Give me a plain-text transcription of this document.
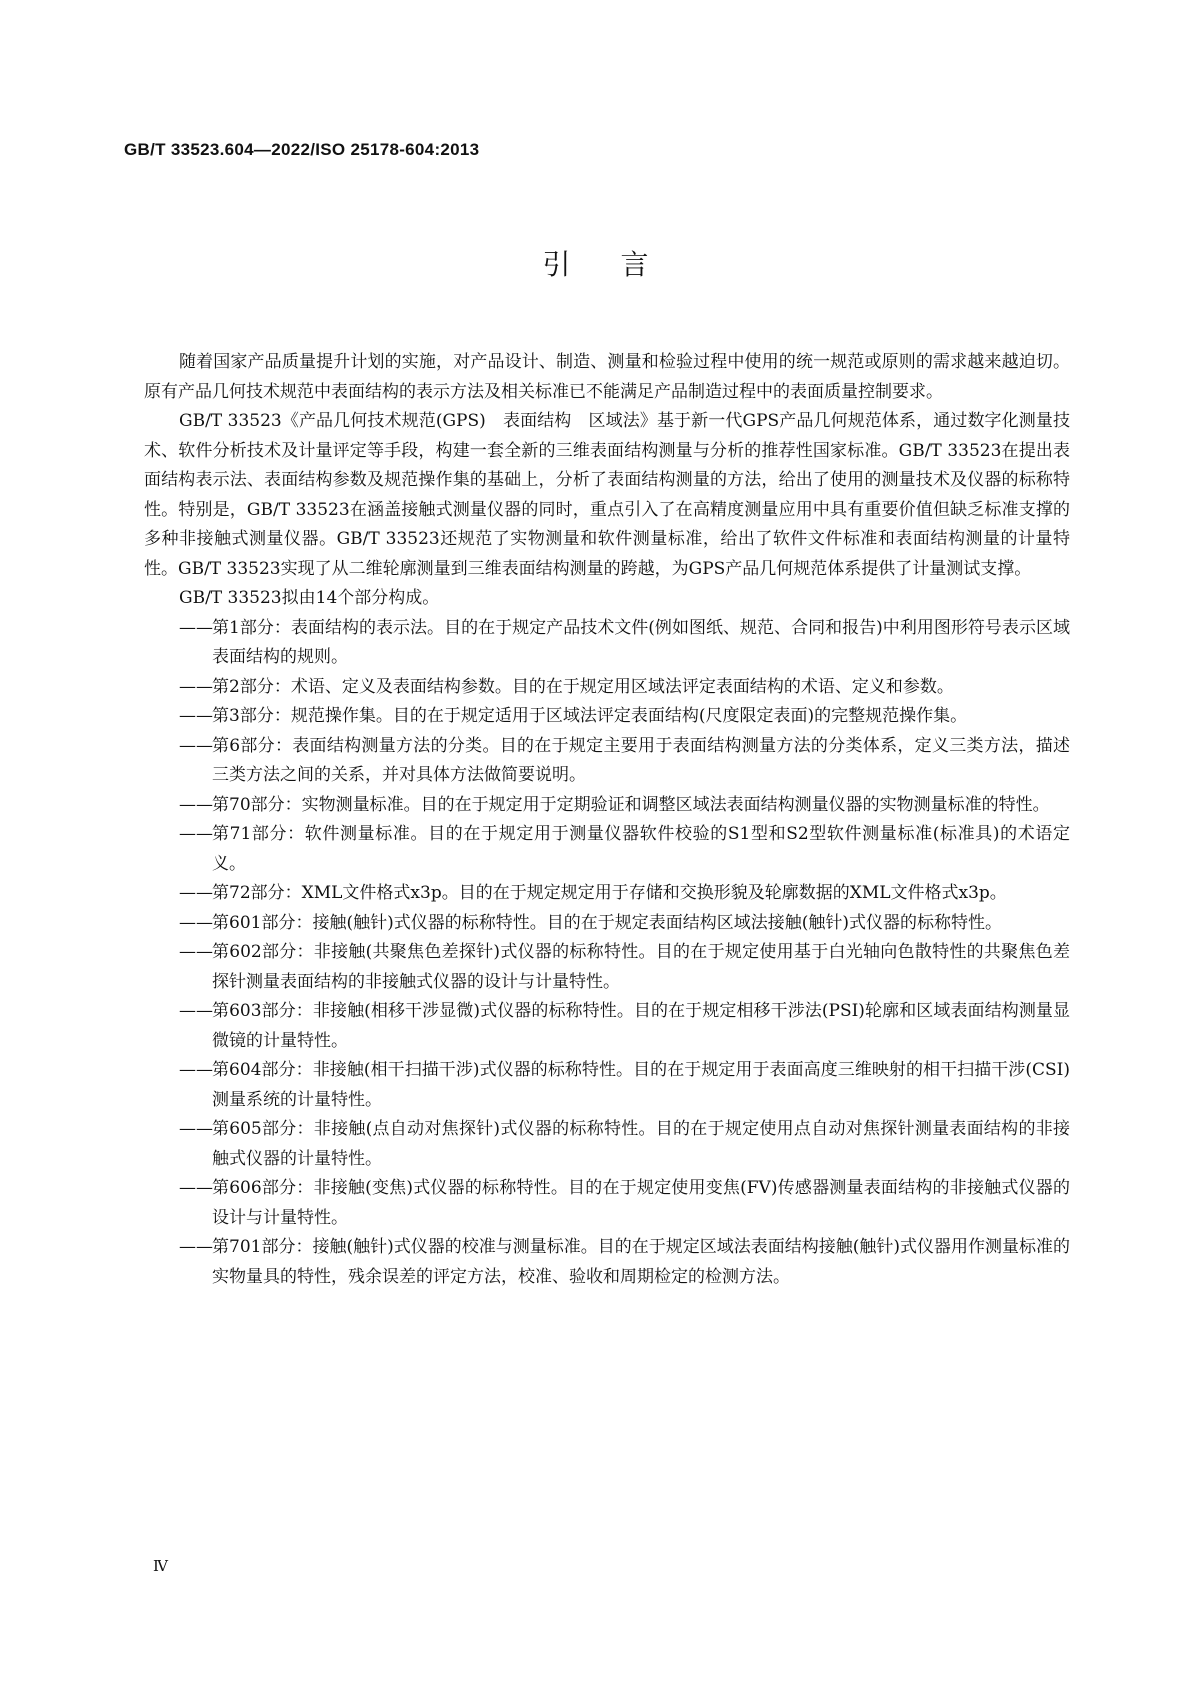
GB/T 33523.604—2022/ISO 25178-604:2013
引言

随着国家产品质量提升计划的实施，对产品设计、制造、测量和检验过程中使用的统一规范或原则的需求越来越迫切。原有产品几何技术规范中表面结构的表示方法及相关标准已不能满足产品制造过程中的表面质量控制要求。

GB/T 33523《产品几何技术规范(GPS)　表面结构　区域法》基于新一代GPS产品几何规范体系，通过数字化测量技术、软件分析技术及计量评定等手段，构建一套全新的三维表面结构测量与分析的推荐性国家标准。GB/T 33523在提出表面结构表示法、表面结构参数及规范操作集的基础上，分析了表面结构测量的方法，给出了使用的测量技术及仪器的标称特性。特别是，GB/T 33523在涵盖接触式测量仪器的同时，重点引入了在高精度测量应用中具有重要价值但缺乏标准支撑的多种非接触式测量仪器。GB/T 33523还规范了实物测量和软件测量标准，给出了软件文件标准和表面结构测量的计量特性。GB/T 33523实现了从二维轮廓测量到三维表面结构测量的跨越，为GPS产品几何规范体系提供了计量测试支撑。

GB/T 33523拟由14个部分构成。

—— 第1部分：表面结构的表示法。目的在于规定产品技术文件(例如图纸、规范、合同和报告)中利用图形符号表示区域表面结构的规则。
—— 第2部分：术语、定义及表面结构参数。目的在于规定用区域法评定表面结构的术语、定义和参数。
—— 第3部分：规范操作集。目的在于规定适用于区域法评定表面结构(尺度限定表面)的完整规范操作集。
—— 第6部分：表面结构测量方法的分类。目的在于规定主要用于表面结构测量方法的分类体系，定义三类方法，描述三类方法之间的关系，并对具体方法做简要说明。
—— 第70部分：实物测量标准。目的在于规定用于定期验证和调整区域法表面结构测量仪器的实物测量标准的特性。
—— 第71部分：软件测量标准。目的在于规定用于测量仪器软件校验的S1型和S2型软件测量标准(标准具)的术语定义。
—— 第72部分：XML文件格式x3p。目的在于规定规定用于存储和交换形貌及轮廓数据的XML文件格式x3p。
—— 第601部分：接触(触针)式仪器的标称特性。目的在于规定表面结构区域法接触(触针)式仪器的标称特性。
—— 第602部分：非接触(共聚焦色差探针)式仪器的标称特性。目的在于规定使用基于白光轴向色散特性的共聚焦色差探针测量表面结构的非接触式仪器的设计与计量特性。
—— 第603部分：非接触(相移干涉显微)式仪器的标称特性。目的在于规定相移干涉法(PSI)轮廓和区域表面结构测量显微镜的计量特性。
—— 第604部分：非接触(相干扫描干涉)式仪器的标称特性。目的在于规定用于表面高度三维映射的相干扫描干涉(CSI)测量系统的计量特性。
—— 第605部分：非接触(点自动对焦探针)式仪器的标称特性。目的在于规定使用点自动对焦探针测量表面结构的非接触式仪器的计量特性。
—— 第606部分：非接触(变焦)式仪器的标称特性。目的在于规定使用变焦(FV)传感器测量表面结构的非接触式仪器的设计与计量特性。
—— 第701部分：接触(触针)式仪器的校准与测量标准。目的在于规定区域法表面结构接触(触针)式仪器用作测量标准的实物量具的特性，残余误差的评定方法，校准、验收和周期检定的检测方法。
Ⅳ
